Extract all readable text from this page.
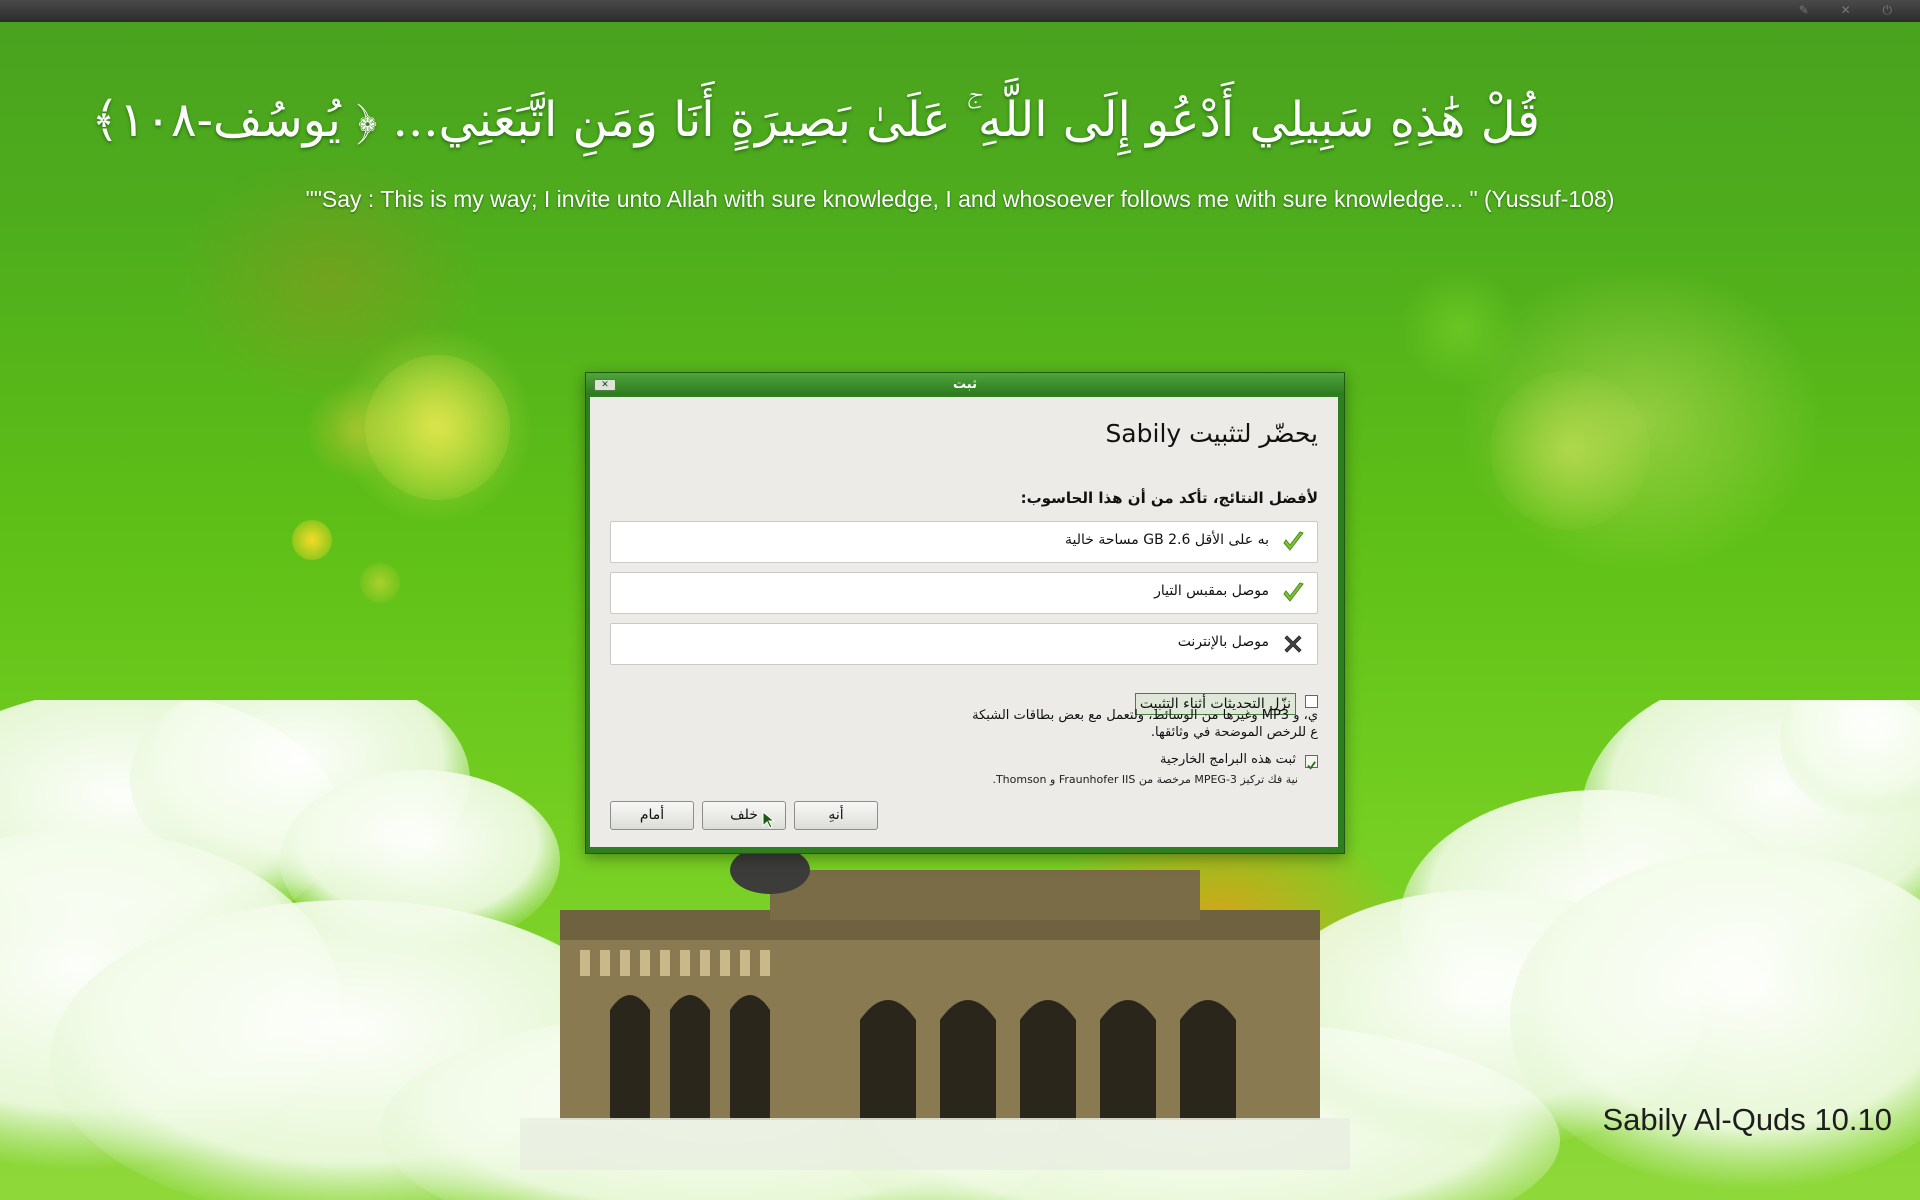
✎ ✕ ⏻
قُلْ هَٰذِهِ سَبِيلِي أَدْعُو إِلَى اللَّهِ ۚ عَلَىٰ بَصِيرَةٍ أَنَا وَمَنِ اتَّبَعَنِي... ﴿ يُوسُف-١٠٨﴾
""Say : This is my way; I invite unto Allah with sure knowledge, I and whosoever follows me with sure knowledge... " (Yussuf-108)
Sabily Al-Quds 10.10
✕	ثبت
يحضّر لتثبيت Sabily
لأفضل النتائج، تأكد من أن هذا الحاسوب:
به على الأقل 2.6 GB مساحة خالية
موصل بمقبس التيار
موصل بالإنترنت
نزّل التحديثات أثناء التثبيت
ي، و MP3 وغيرها من الوسائط، ولتعمل مع بعض بطاقات الشبكة
ع للرخص الموضحة في وثائقها.
ثبت هذه البرامج الخارجية
نية فك تركيز MPEG-3 مرخصة من Fraunhofer IIS و Thomson.
أنهِ
خلف
أمام
